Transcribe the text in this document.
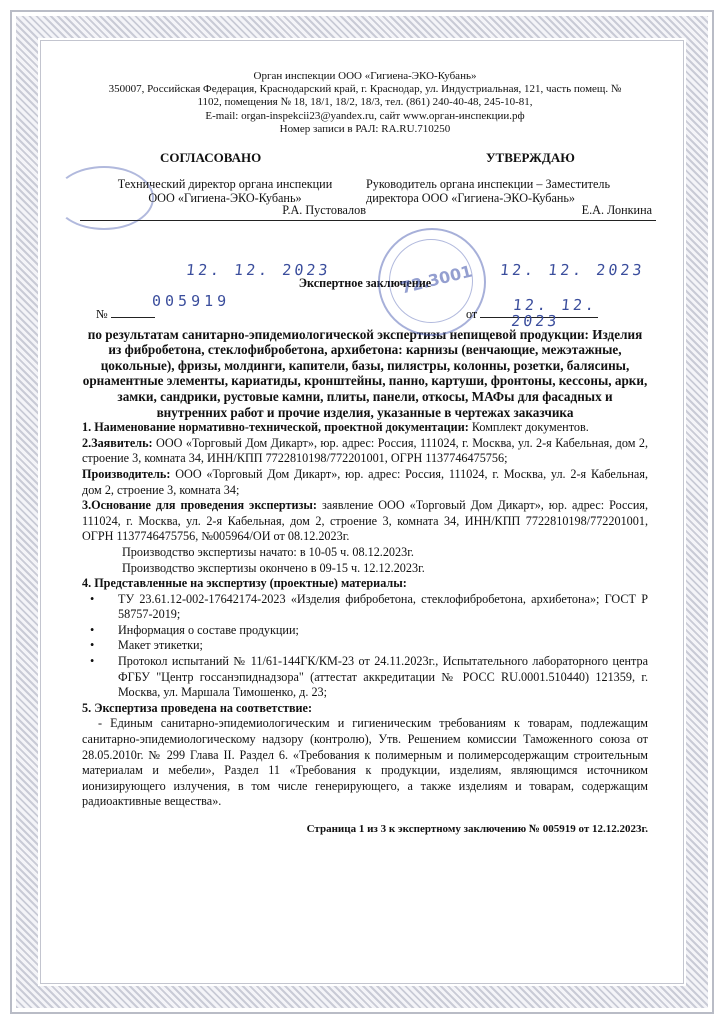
Орган инспекции ООО «Гигиена-ЭКО-Кубань»
350007, Российская Федерация, Краснодарский край, г. Краснодар, ул. Индустриальная, 121, часть помещ. №
1102, помещения № 18, 18/1, 18/2, 18/3, тел. (861) 240-40-48, 245-10-81,
E-mail: organ-inspekcii23@yandex.ru, сайт www.орган-инспекции.рф
Номер записи в РАЛ: RA.RU.710250
72.3001
СОГЛАСОВАНО
Технический директор органа инспекции
ООО «Гигиена-ЭКО-Кубань»
Р.А. Пустовалов
УТВЕРЖДАЮ
Руководитель органа инспекции – Заместитель
директора ООО «Гигиена-ЭКО-Кубань»
Е.А. Лонкина
12. 12. 2023	12. 12. 2023
Экспертное заключение
№
005919
от	12. 12. 2023
по результатам санитарно-эпидемиологической экспертизы непищевой продукции: Изделия из фибробетона, стеклофибробетона, архибетона: карнизы (венчающие, межэтажные, цокольные), фризы, молдинги, капители, базы, пилястры, колонны, розетки, балясины, орнаментные элементы, кариатиды, кронштейны, панно, картуши, фронтоны, кессоны, арки, замки, сандрики, рустовые камни, плиты, панели, откосы, МАФы для фасадных и внутренних работ и прочие изделия, указанные в чертежах заказчика

1. Наименование нормативно-технической, проектной документации: Комплект документов.

2.Заявитель: ООО «Торговый Дом Дикарт», юр. адрес: Россия, 111024, г. Москва, ул. 2-я Кабельная, дом 2, строение 3, комната 34, ИНН/КПП 7722810198/772201001, ОГРН 1137746475756;

Производитель: ООО «Торговый Дом Дикарт», юр. адрес: Россия, 111024, г. Москва, ул. 2-я Кабельная, дом 2, строение 3, комната 34;

3.Основание для проведения экспертизы: заявление ООО «Торговый Дом Дикарт», юр. адрес: Россия, 111024, г. Москва, ул. 2-я Кабельная, дом 2, строение 3, комната 34, ИНН/КПП 7722810198/772201001, ОГРН 1137746475756, №005964/ОИ от 08.12.2023г.

Производство экспертизы начато: в 10-05 ч. 08.12.2023г.

Производство экспертизы окончено в 09-15 ч. 12.12.2023г.

4. Представленные на экспертизу (проектные) материалы:

• ТУ 23.61.12-002-17642174-2023 «Изделия фибробетона, стеклофибробетона, архибетона»; ГОСТ Р 58757-2019;
• Информация о составе продукции;
• Макет этикетки;
• Протокол испытаний № 11/61-144ГК/КМ-23 от 24.11.2023г., Испытательного лабораторного центра ФГБУ "Центр госсанэпиднадзора" (аттестат аккредитации № РОСС RU.0001.510440) 121359, г. Москва, ул. Маршала Тимошенко, д. 23;

5. Экспертиза проведена на соответствие:

- Единым санитарно-эпидемиологическим и гигиеническим требованиям к товарам, подлежащим санитарно-эпидемиологическому надзору (контролю), Утв. Решением комиссии Таможенного союза от 28.05.2010г. № 299 Глава II. Раздел 6. «Требования к полимерным и полимерсодержащим строительным материалам и мебели», Раздел 11 «Требования к продукции, изделиям, являющимся источником ионизирующего излучения, в том числе генерирующего, а также изделиям и товарам, содержащим радиоактивные вещества».

Страница 1 из 3 к экспертному заключению № 005919 от 12.12.2023г.
